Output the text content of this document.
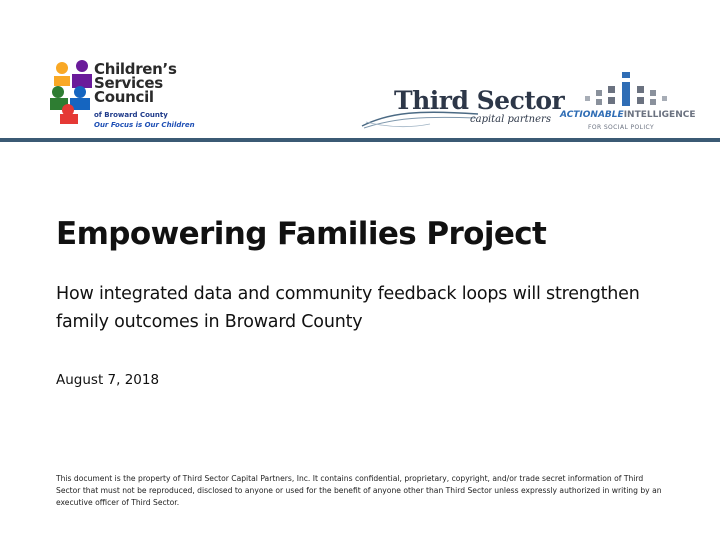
Children’s
Services
Council
of Broward County
Our Focus is Our Children
Third Sector
capital partners ACTIONABLEINTELLIGENCE
FOR SOCIAL POLICY
Empowering Families Project

How integrated data and community feedback loops will strengthen family outcomes in Broward County

August 7, 2018

This document is the property of Third Sector Capital Partners, Inc. It contains confidential, proprietary, copyright, and/or trade secret information of Third Sector that must not be reproduced, disclosed to anyone or used for the benefit of anyone other than Third Sector unless expressly authorized in writing by an executive officer of Third Sector.
